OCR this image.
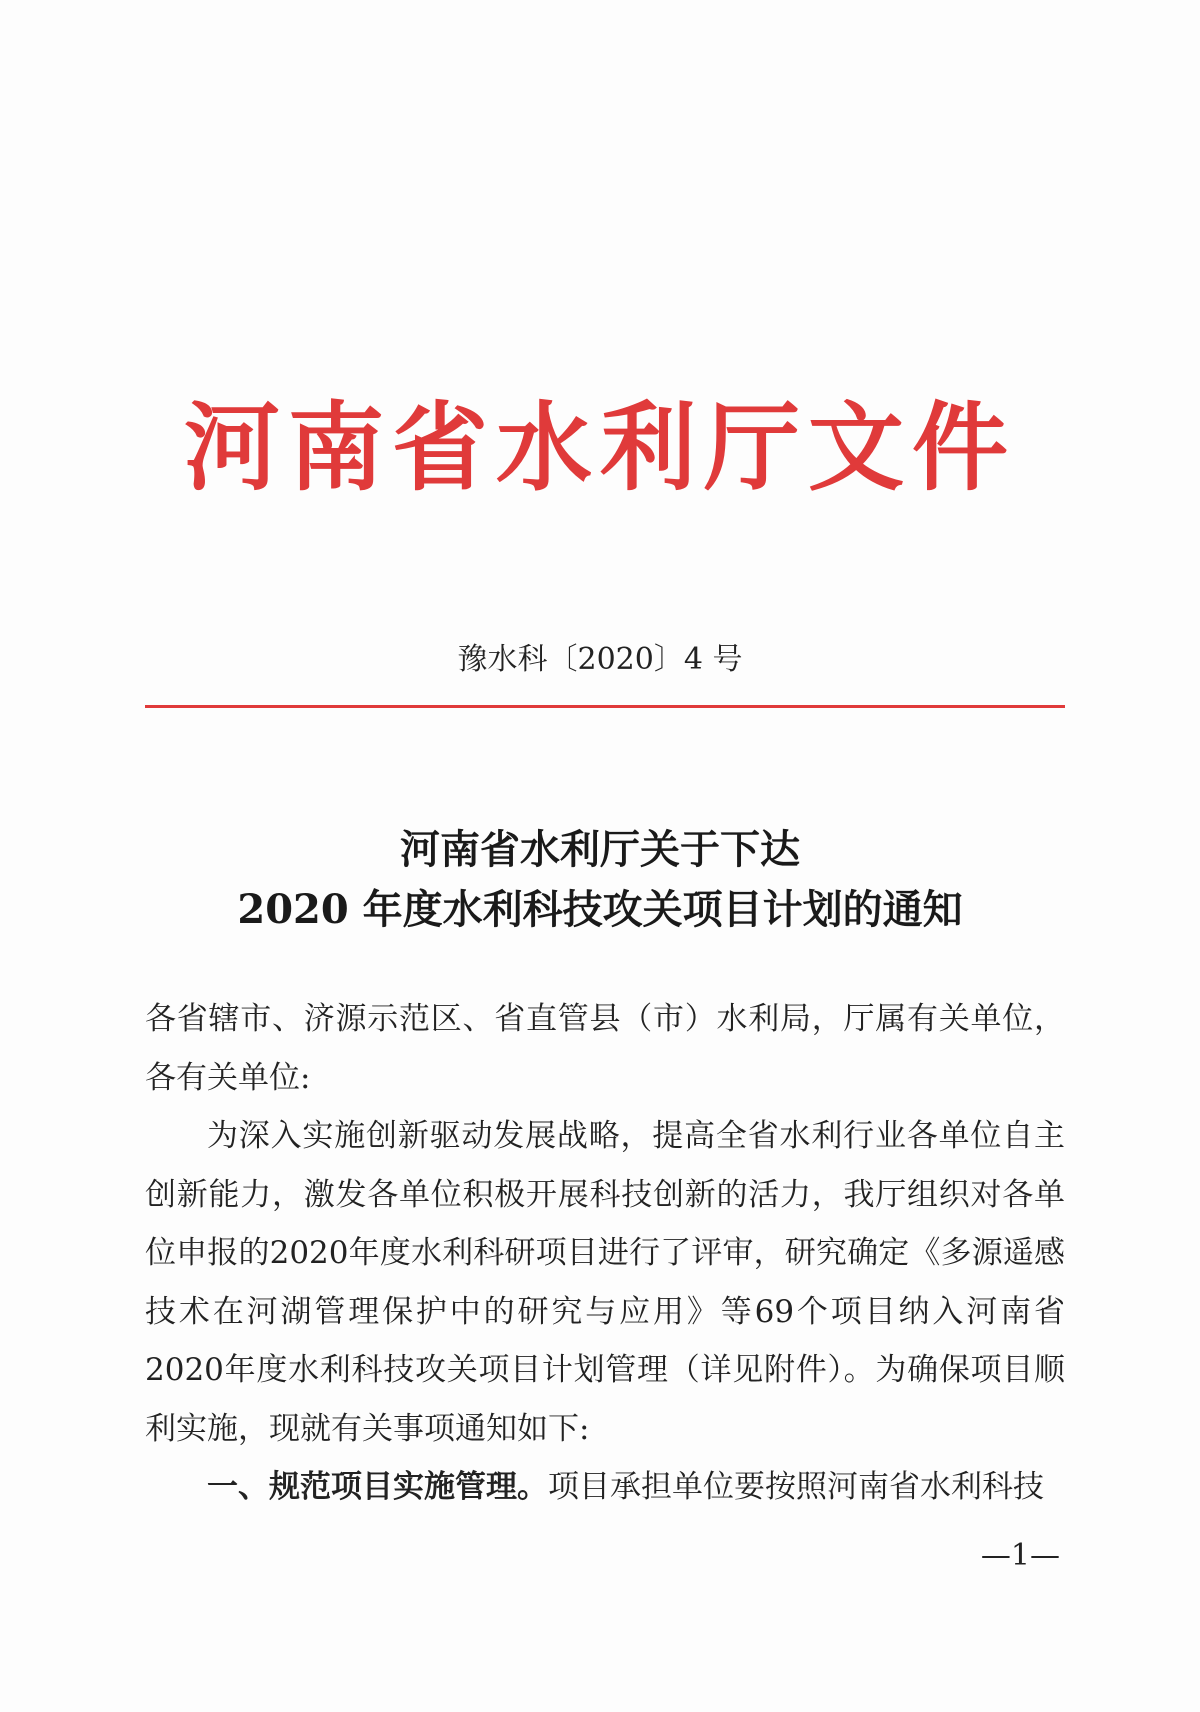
河南省水利厅文件
豫水科〔2020〕4 号
河南省水利厅关于下达
2020 年度水利科技攻关项目计划的通知

各省辖市、济源示范区、省直管县（市）水利局，厅属有关单位，各有关单位:

为深入实施创新驱动发展战略，提高全省水利行业各单位自主创新能力，激发各单位积极开展科技创新的活力，我厅组织对各单位申报的2020年度水利科研项目进行了评审，研究确定《多源遥感技术在河湖管理保护中的研究与应用》等69个项目纳入河南省2020年度水利科技攻关项目计划管理（详见附件）。为确保项目顺利实施，现就有关事项通知如下:

一、规范项目实施管理。项目承担单位要按照河南省水利科技

—1—
